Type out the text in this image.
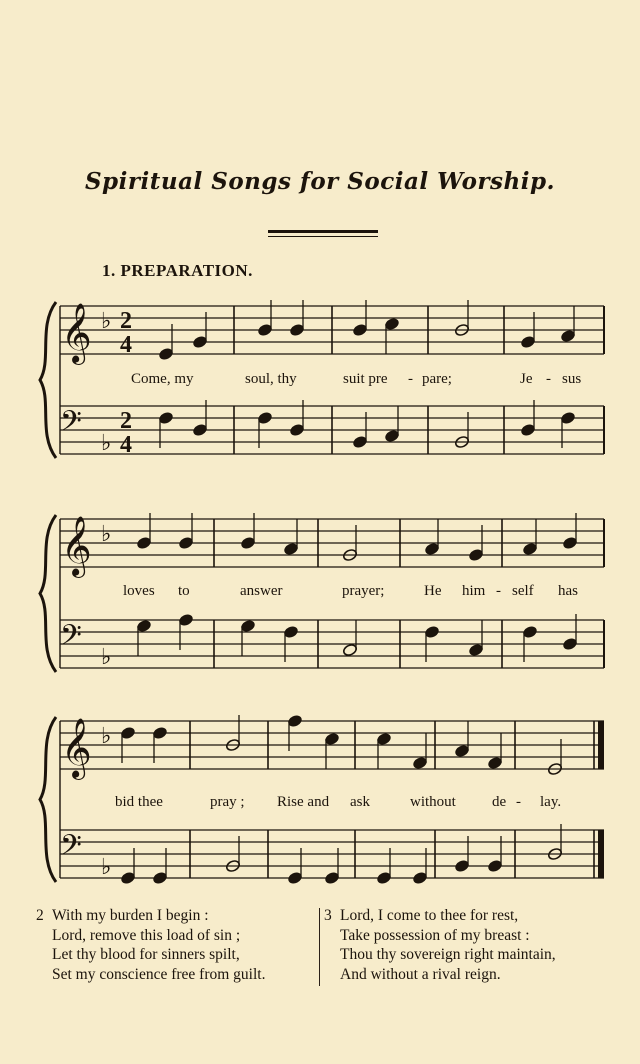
Spiritual Songs for Social Worship.
1. PREPARATION.
𝄞 ♭ 2
4
𝄢 ♭
2
4
𝄞 ♭
𝄢 ♭
𝄞 ♭
𝄢 ♭
Come, my	soul, thy	suit pre - pare;	Je - sus
loves to	answer	prayer;	He him - self has
bid thee	pray ; Rise and ask	without de - lay.
2 With my burden I begin :
Lord, remove this load of sin ;
Let thy blood for sinners spilt,
Set my conscience free from guilt.
3 Lord, I come to thee for rest,
Take possession of my breast :
Thou thy sovereign right maintain,
And without a rival reign.
